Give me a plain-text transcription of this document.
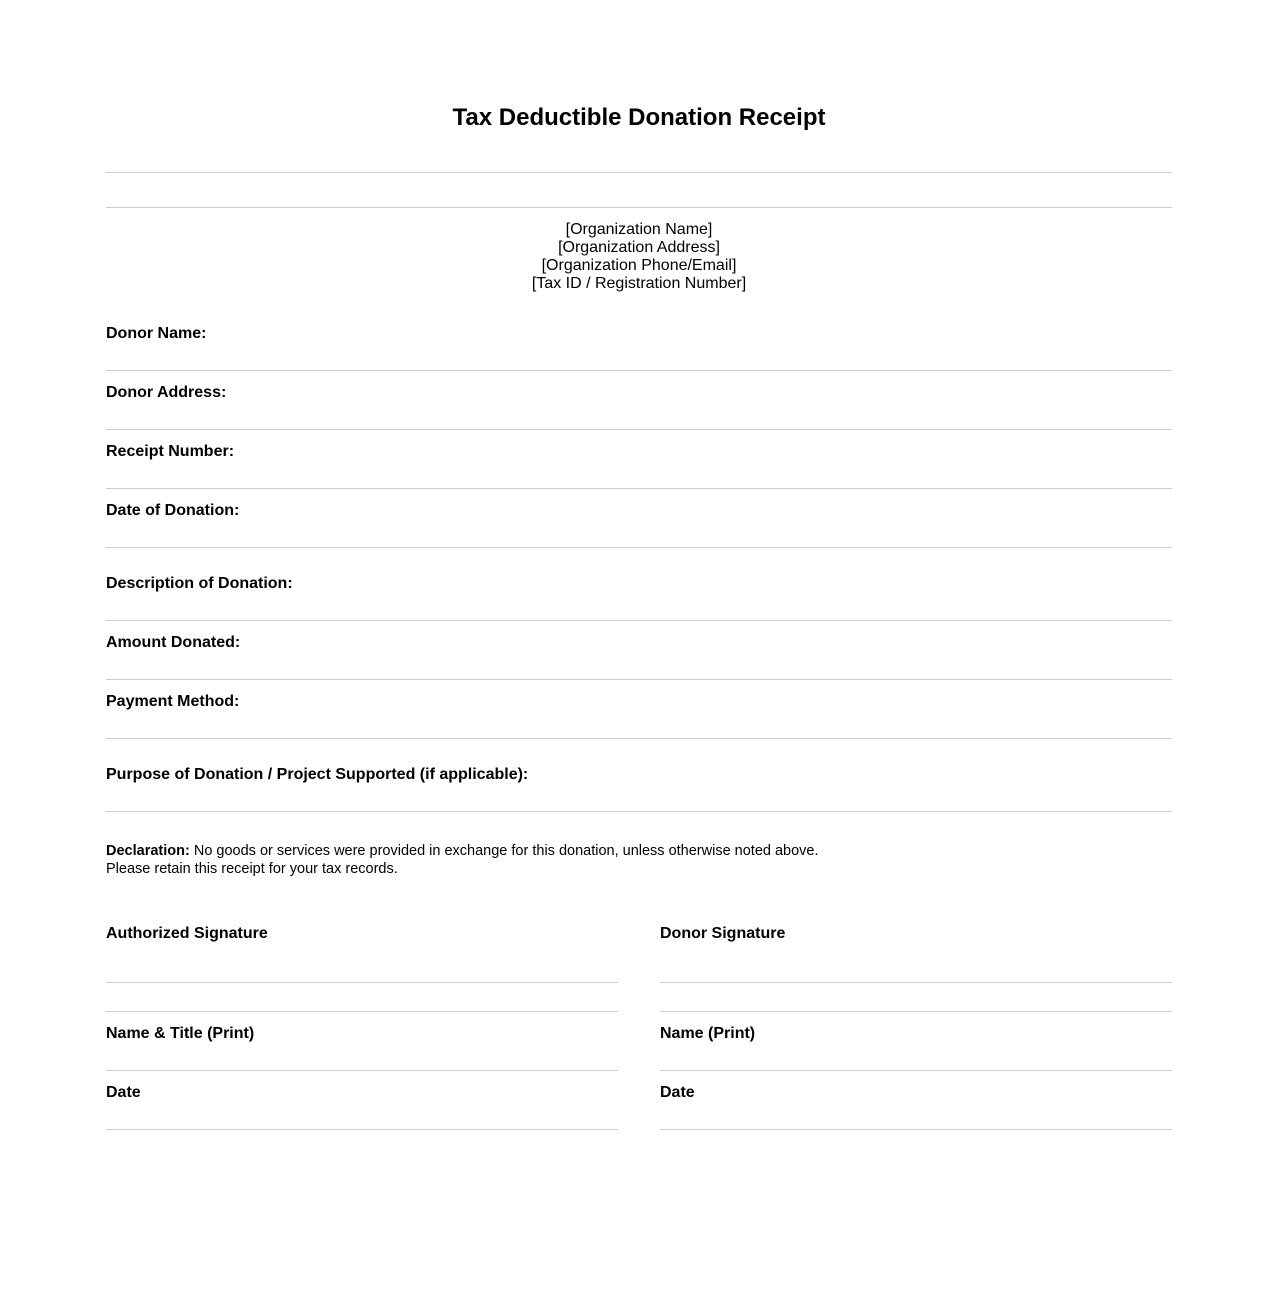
Tax Deductible Donation Receipt
[Organization Name]
[Organization Address]
[Organization Phone/Email]
[Tax ID / Registration Number]
Donor Name:
Donor Address:
Receipt Number:
Date of Donation:
Description of Donation:
Amount Donated:
Payment Method:
Purpose of Donation / Project Supported (if applicable):
Declaration: No goods or services were provided in exchange for this donation, unless otherwise noted above.
Please retain this receipt for your tax records.
Authorized Signature
Name & Title (Print)
Date
Donor Signature
Name (Print)
Date
